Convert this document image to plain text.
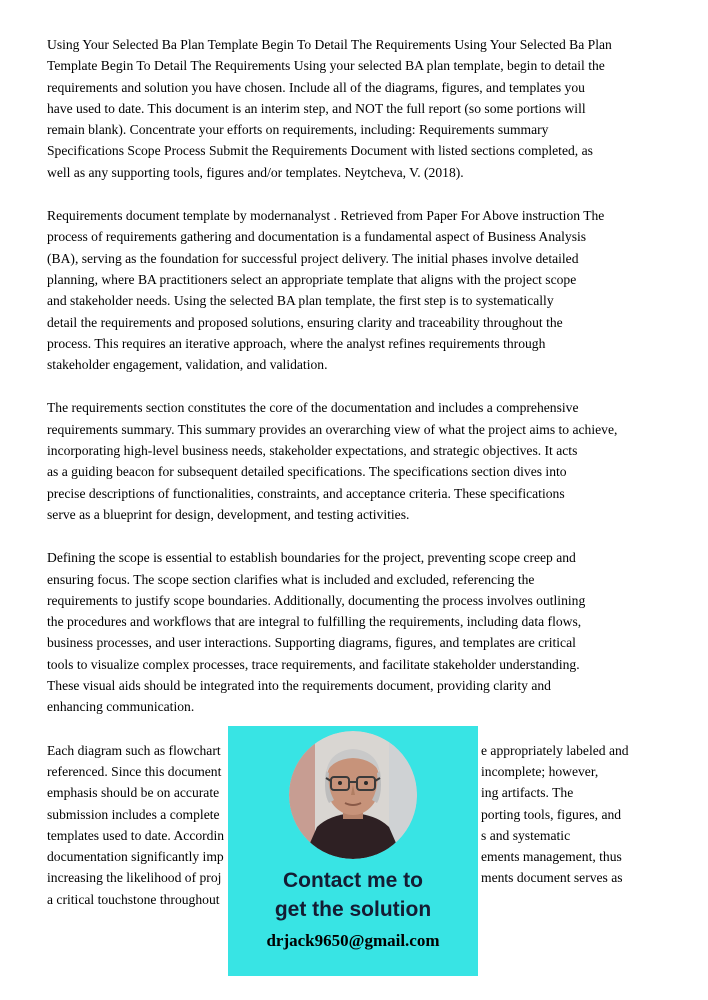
Using Your Selected Ba Plan Template Begin To Detail The Requirements Using Your Selected Ba Plan
Template Begin To Detail The Requirements Using your selected BA plan template, begin to detail the
requirements and solution you have chosen. Include all of the diagrams, figures, and templates you
have used to date. This document is an interim step, and NOT the full report (so some portions will
remain blank). Concentrate your efforts on requirements, including: Requirements summary
Specifications Scope Process Submit the Requirements Document with listed sections completed, as
well as any supporting tools, figures and/or templates. Neytcheva, V. (2018).
Requirements document template by modernanalyst . Retrieved from Paper For Above instruction The
process of requirements gathering and documentation is a fundamental aspect of Business Analysis
(BA), serving as the foundation for successful project delivery. The initial phases involve detailed
planning, where BA practitioners select an appropriate template that aligns with the project scope
and stakeholder needs. Using the selected BA plan template, the first step is to systematically
detail the requirements and proposed solutions, ensuring clarity and traceability throughout the
process. This requires an iterative approach, where the analyst refines requirements through
stakeholder engagement, validation, and validation.
The requirements section constitutes the core of the documentation and includes a comprehensive
requirements summary. This summary provides an overarching view of what the project aims to achieve,
incorporating high-level business needs, stakeholder expectations, and strategic objectives. It acts
as a guiding beacon for subsequent detailed specifications. The specifications section dives into
precise descriptions of functionalities, constraints, and acceptance criteria. These specifications
serve as a blueprint for design, development, and testing activities.
Defining the scope is essential to establish boundaries for the project, preventing scope creep and
ensuring focus. The scope section clarifies what is included and excluded, referencing the
requirements to justify scope boundaries. Additionally, documenting the process involves outlining
the procedures and workflows that are integral to fulfilling the requirements, including data flows,
business processes, and user interactions. Supporting diagrams, figures, and templates are critical
tools to visualize complex processes, trace requirements, and facilitate stakeholder understanding.
These visual aids should be integrated into the requirements document, providing clarity and
enhancing communication.
Each diagram such as flowchart	e appropriately labeled and
referenced. Since this document	incomplete; however,
emphasis should be on accurate	ing artifacts. The
submission includes a complete	porting tools, figures, and
templates used to date. Accordin	s and systematic
documentation significantly imp	ements management, thus
increasing the likelihood of proj	ments document serves as
a critical touchstone throughout
Contact me to
get the solution
drjack9650@gmail.com
